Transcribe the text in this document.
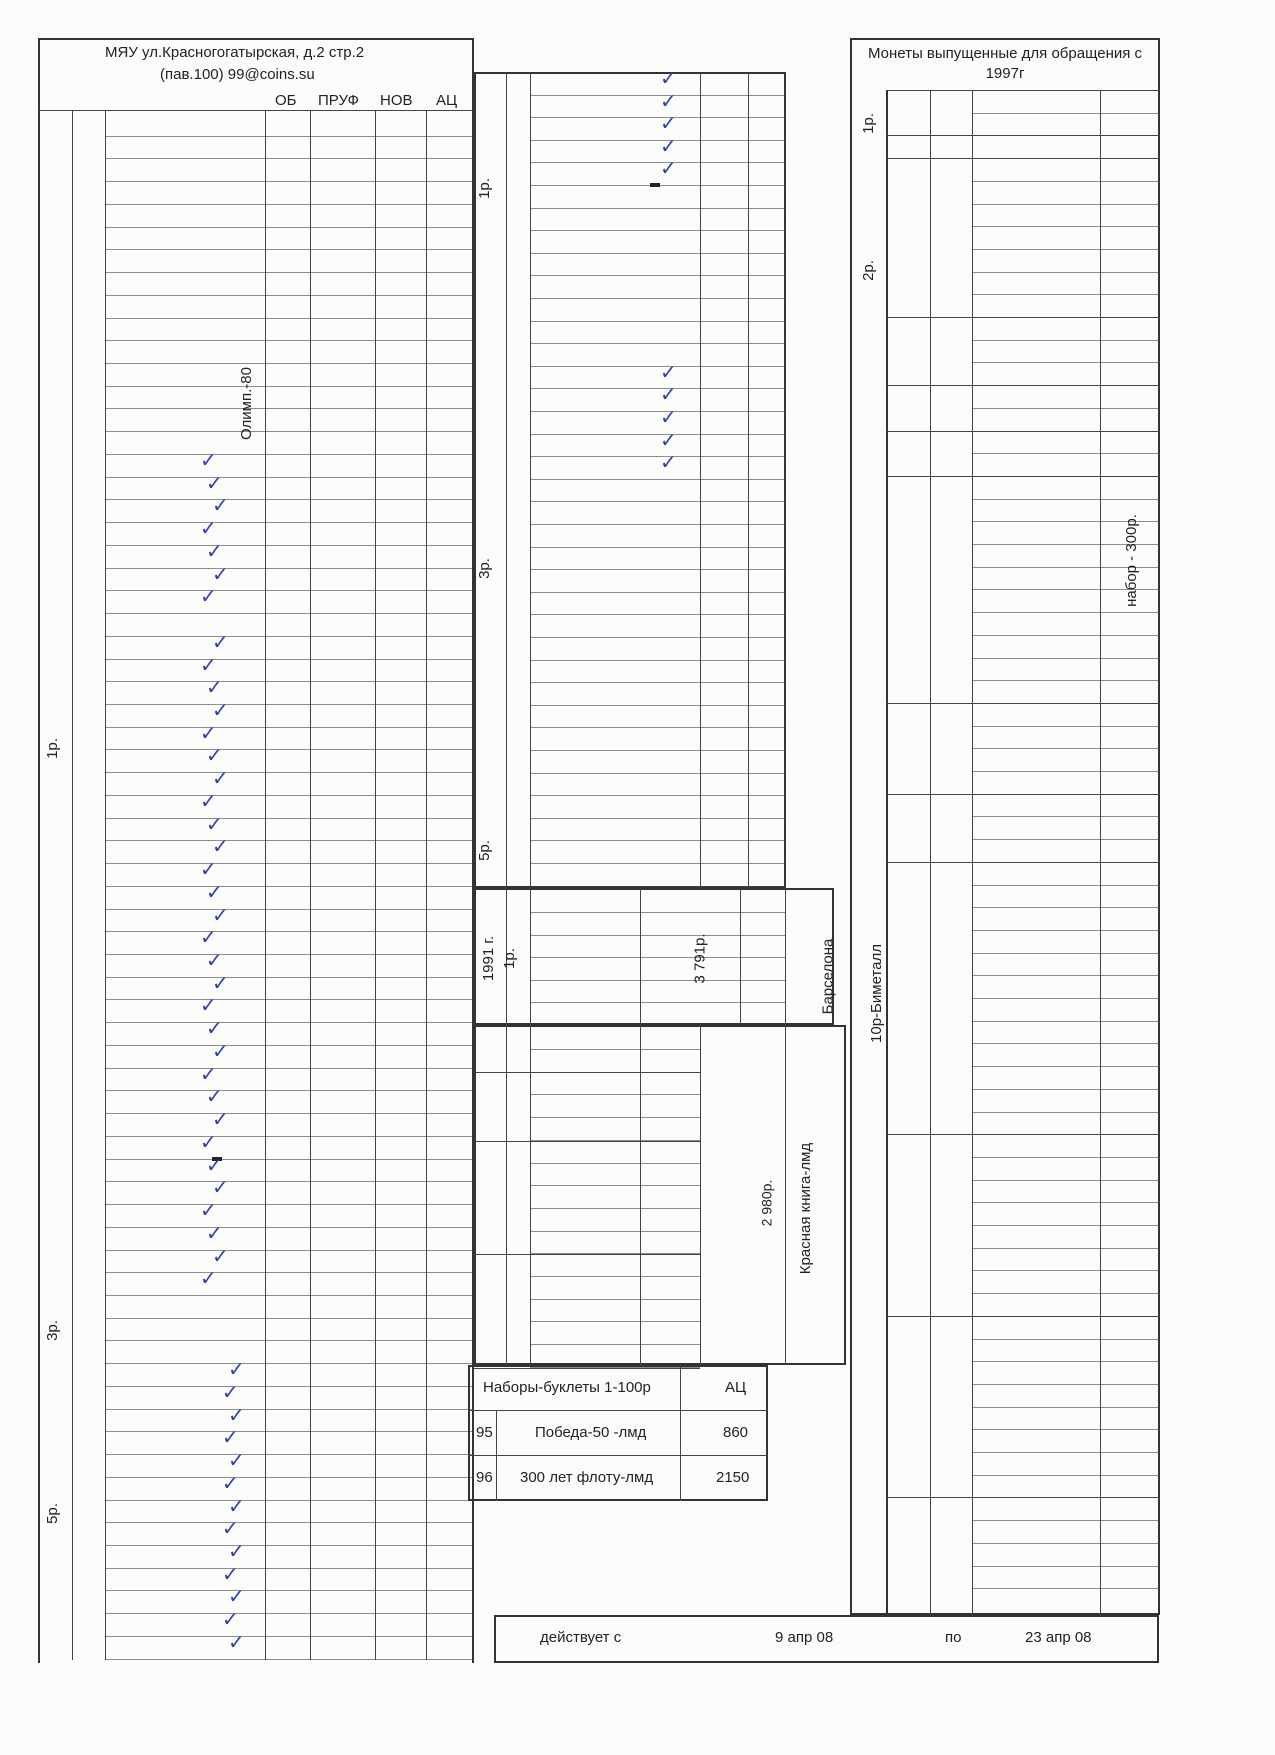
МЯУ ул.Красногогатырская, д.2 стр.2
(пав.100) 99@coins.su
ОБ ПРУФ НОВ АЦ
✓
✓
✓
✓
✓
✓
✓
✓
✓
✓
✓
✓
✓
✓
✓
✓
✓
✓
✓
✓
✓
✓
✓
✓
✓
✓
✓
✓
✓
✓
✓
✓
✓
✓
✓
✓
✓
✓
✓
✓
✓
✓
✓
✓
✓
✓
✓
✓
✓
✓
✓
✓
✓
✓
✓
✓
✓
✓
✓
1р.
3р.
5р.
Олимп.-80
1р.
3р.
5р.
1991 г. 1р.	3 791р.	Барселона
Красная книга-лмд
2 980р.
10р-Биметалл
Наборы-буклеты 1-100р	АЦ
95	Победа-50 -лмд	860
96 300 лет флоту-лмд	2150
действует с	9 апр 08	по	23 апр 08
Монеты выпущенные для обращения с 1997г
1р.
2р.
набор - 300р.
